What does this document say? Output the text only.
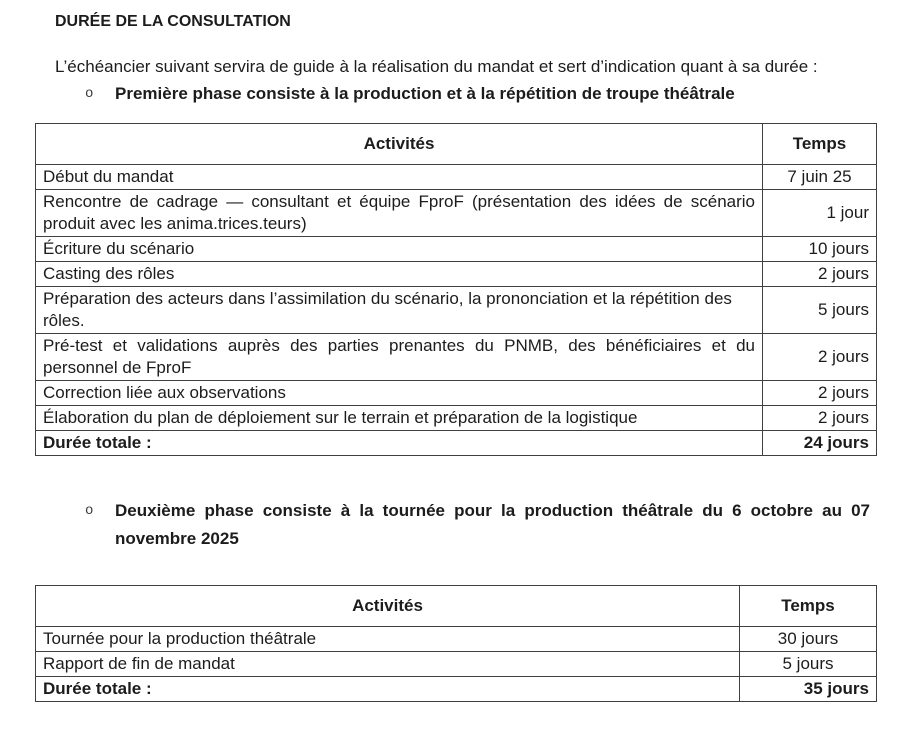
DURÉE DE LA CONSULTATION

L’échéancier suivant servira de guide à la réalisation du mandat et sert d’indication quant à sa durée :

o	Première phase consiste à la production et à la répétition de troupe théâtrale
Activités	Temps
Début du mandat	7 juin 25
Rencontre de cadrage — consultant et équipe FproF (présentation des idées de scénario produit avec les anima.trices.teurs)	1 jour
Écriture du scénario	10 jours
Casting des rôles	2 jours
Préparation des acteurs dans l’assimilation du scénario, la prononciation et la répétition des rôles.	5 jours
Pré-test et validations auprès des parties prenantes du PNMB, des bénéficiaires et du personnel de FproF	2 jours
Correction liée aux observations	2 jours
Élaboration du plan de déploiement sur le terrain et préparation de la logistique	2 jours
Durée totale :	24 jours
o	Deuxième phase consiste à la tournée pour la production théâtrale du 6 octobre au 07 novembre 2025
Activités	Temps
Tournée pour la production théâtrale	30 jours
Rapport de fin de mandat	5 jours
Durée totale :	35 jours
